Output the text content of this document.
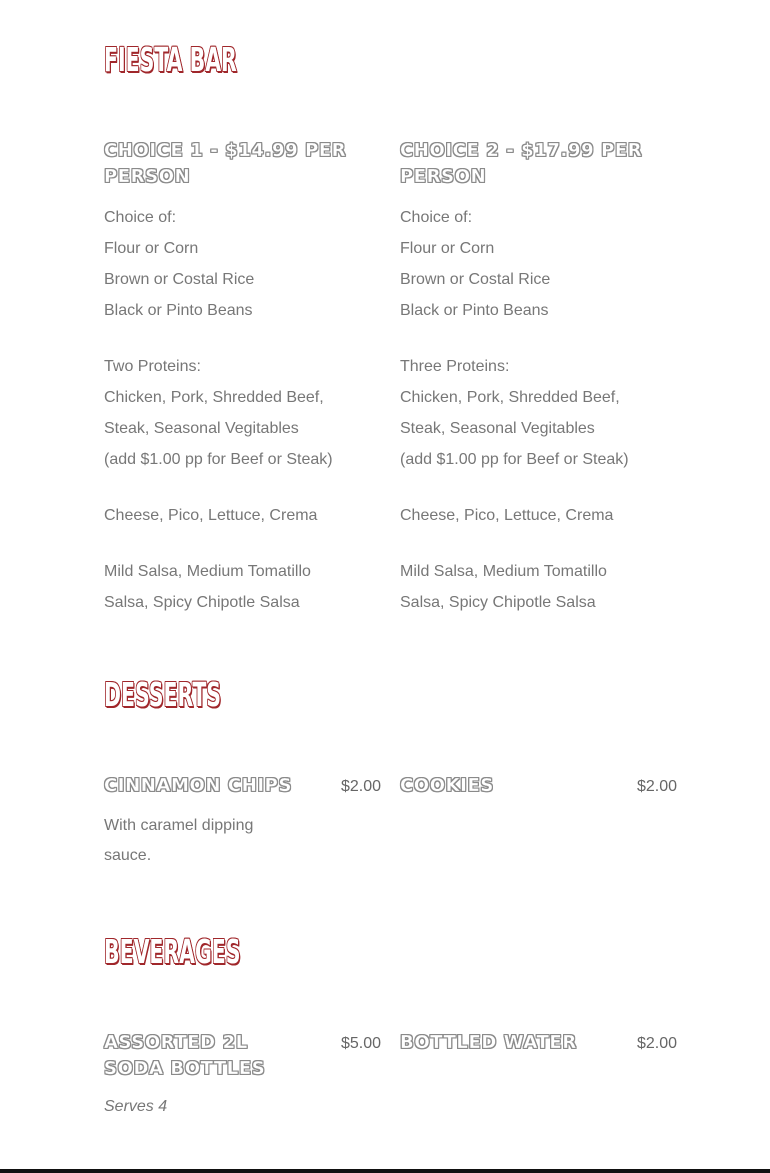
FIESTA BAR
CHOICE 1 - $14.99 PER PERSON

Choice of:

Flour or Corn

Brown or Costal Rice

Black or Pinto Beans

Two Proteins:

Chicken, Pork, Shredded Beef,

Steak, Seasonal Vegitables

(add $1.00 pp for Beef or Steak)

Cheese, Pico, Lettuce, Crema

Mild Salsa, Medium Tomatillo

Salsa, Spicy Chipotle Salsa

CHOICE 2 - $17.99 PER PERSON

Choice of:

Flour or Corn

Brown or Costal Rice

Black or Pinto Beans

Three Proteins:

Chicken, Pork, Shredded Beef,

Steak, Seasonal Vegitables

(add $1.00 pp for Beef or Steak)

Cheese, Pico, Lettuce, Crema

Mild Salsa, Medium Tomatillo

Salsa, Spicy Chipotle Salsa

DESSERTS
CINNAMON CHIPS	$2.00
With caramel dipping sauce.
COOKIES	$2.00
BEVERAGES
ASSORTED 2L SODA BOTTLES
$5.00
Serves 4
BOTTLED WATER	$2.00
